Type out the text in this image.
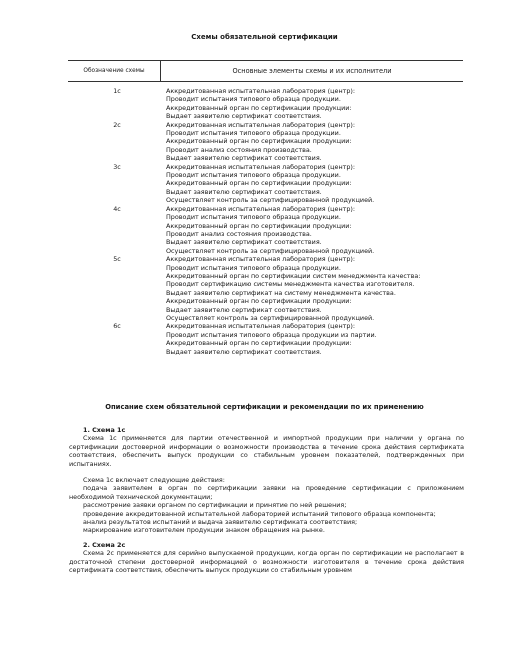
Схемы обязательной сертификации
Обозначение схемы	Основные элементы схемы и их исполнители
1с	Аккредитованная испытательная лаборатория (центр):
Проводит испытания типового образца продукции.
Аккредитованный орган по сертификации продукции:
Выдает заявителю сертификат соответствия.
2с	Аккредитованная испытательная лаборатория (центр):
Проводит испытания типового образца продукции.
Аккредитованный орган по сертификации продукции:
Проводит анализ состояния производства.
Выдает заявителю сертификат соответствия.
3с	Аккредитованная испытательная лаборатория (центр):
Проводит испытания типового образца продукции.
Аккредитованный орган по сертификации продукции:
Выдает заявителю сертификат соответствия.
Осуществляет контроль за сертифицированной продукцией.
4с	Аккредитованная испытательная лаборатория (центр):
Проводит испытания типового образца продукции.
Аккредитованный орган по сертификации продукции:
Проводит анализ состояния производства.
Выдает заявителю сертификат соответствия.
Осуществляет контроль за сертифицированной продукцией.
5с	Аккредитованная испытательная лаборатория (центр):
Проводит испытания типового образца продукции.
Аккредитованный орган по сертификации систем менеджмента качества:
Проводит сертификацию системы менеджмента качества изготовителя.
Выдает заявителю сертификат на систему менеджмента качества.
Аккредитованный орган по сертификации продукции:
Выдает заявителю сертификат соответствия.
Осуществляет контроль за сертифицированной продукцией.
6с	Аккредитованная испытательная лаборатория (центр):
Проводит испытания типового образца продукции из партии.
Аккредитованный орган по сертификации продукции:
Выдает заявителю сертификат соответствия.
Описание схем обязательной сертификации и рекомендации по их применению
1. Схема 1с
Схема 1с применяется для партии отечественной и импортной продукции при наличии у органа по сертификации достоверной информации о возможности производства в течение срока действия сертификата соответствия, обеспечить выпуск продукции со стабильным уровнем показателей, подтвержденных при испытаниях.
Схема 1с включает следующие действия:
подача заявителем в орган по сертификации заявки на проведение сертификации с приложением необходимой технической документации;
рассмотрение заявки органом по сертификации и принятие по ней решения;
проведение аккредитованной испытательной лабораторией испытаний типового образца компонента;
анализ результатов испытаний и выдача заявителю сертификата соответствия;
маркирование изготовителем продукции знаком обращения на рынке.
2. Схема 2с
Схема 2с применяется для серийно выпускаемой продукции, когда орган по сертификации не располагает в достаточной степени достоверной информацией о возможности изготовителя в течение срока действия сертификата соответствия, обеспечить выпуск продукции со стабильным уровнем
